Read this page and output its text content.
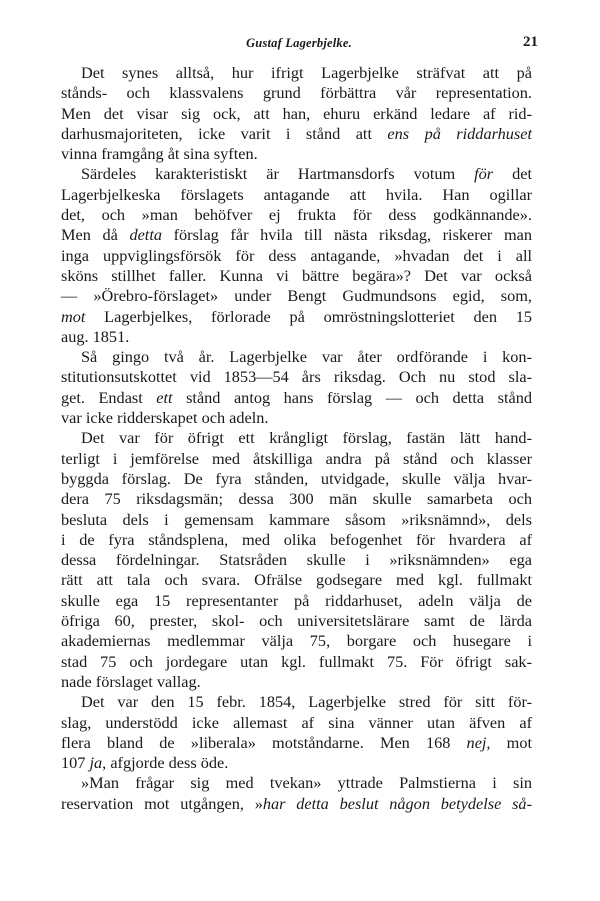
Gustaf Lagerbjelke.	21

Det synes alltså, hur ifrigt Lagerbjelke sträfvat att på
stånds- och klassvalens grund förbättra vår representation.
Men det visar sig ock, att han, ehuru erkänd ledare af rid-
darhusmajoriteten, icke varit i stånd att ens på riddarhuset
vinna framgång åt sina syften.

Särdeles karakteristiskt är Hartmansdorfs votum för det
Lagerbjelkeska förslagets antagande att hvila. Han ogillar
det, och »man behöfver ej frukta för dess godkännande».
Men då detta förslag får hvila till nästa riksdag, riskerer man
inga uppviglingsförsök för dess antagande, »hvadan det i all
sköns stillhet faller. Kunna vi bättre begära»? Det var också
— »Örebro-förslaget» under Bengt Gudmundsons egid, som,
mot Lagerbjelkes, förlorade på omröstningslotteriet den 15
aug. 1851.

Så gingo två år. Lagerbjelke var åter ordförande i kon-
stitutionsutskottet vid 1853—54 års riksdag. Och nu stod sla-
get. Endast ett stånd antog hans förslag — och detta stånd
var icke ridderskapet och adeln.

Det var för öfrigt ett krångligt förslag, fastän lätt hand-
terligt i jemförelse med åtskilliga andra på stånd och klasser
byggda förslag. De fyra stånden, utvidgade, skulle välja hvar-
dera 75 riksdagsmän; dessa 300 män skulle samarbeta och
besluta dels i gemensam kammare såsom »riksnämnd», dels
i de fyra ståndsplena, med olika befogenhet för hvardera af
dessa fördelningar. Statsråden skulle i »riksnämnden» ega
rätt att tala och svara. Ofrälse godsegare med kgl. fullmakt
skulle ega 15 representanter på riddarhuset, adeln välja de
öfriga 60, prester, skol- och universitetslärare samt de lärda
akademiernas medlemmar välja 75, borgare och husegare i
stad 75 och jordegare utan kgl. fullmakt 75. För öfrigt sak-
nade förslaget vallag.

Det var den 15 febr. 1854, Lagerbjelke stred för sitt för-
slag, understödd icke allemast af sina vänner utan äfven af
flera bland de »liberala» motståndarne. Men 168 nej, mot
107 ja, afgjorde dess öde.

»Man frågar sig med tvekan» yttrade Palmstierna i sin
reservation mot utgången, »har detta beslut någon betydelse så-
